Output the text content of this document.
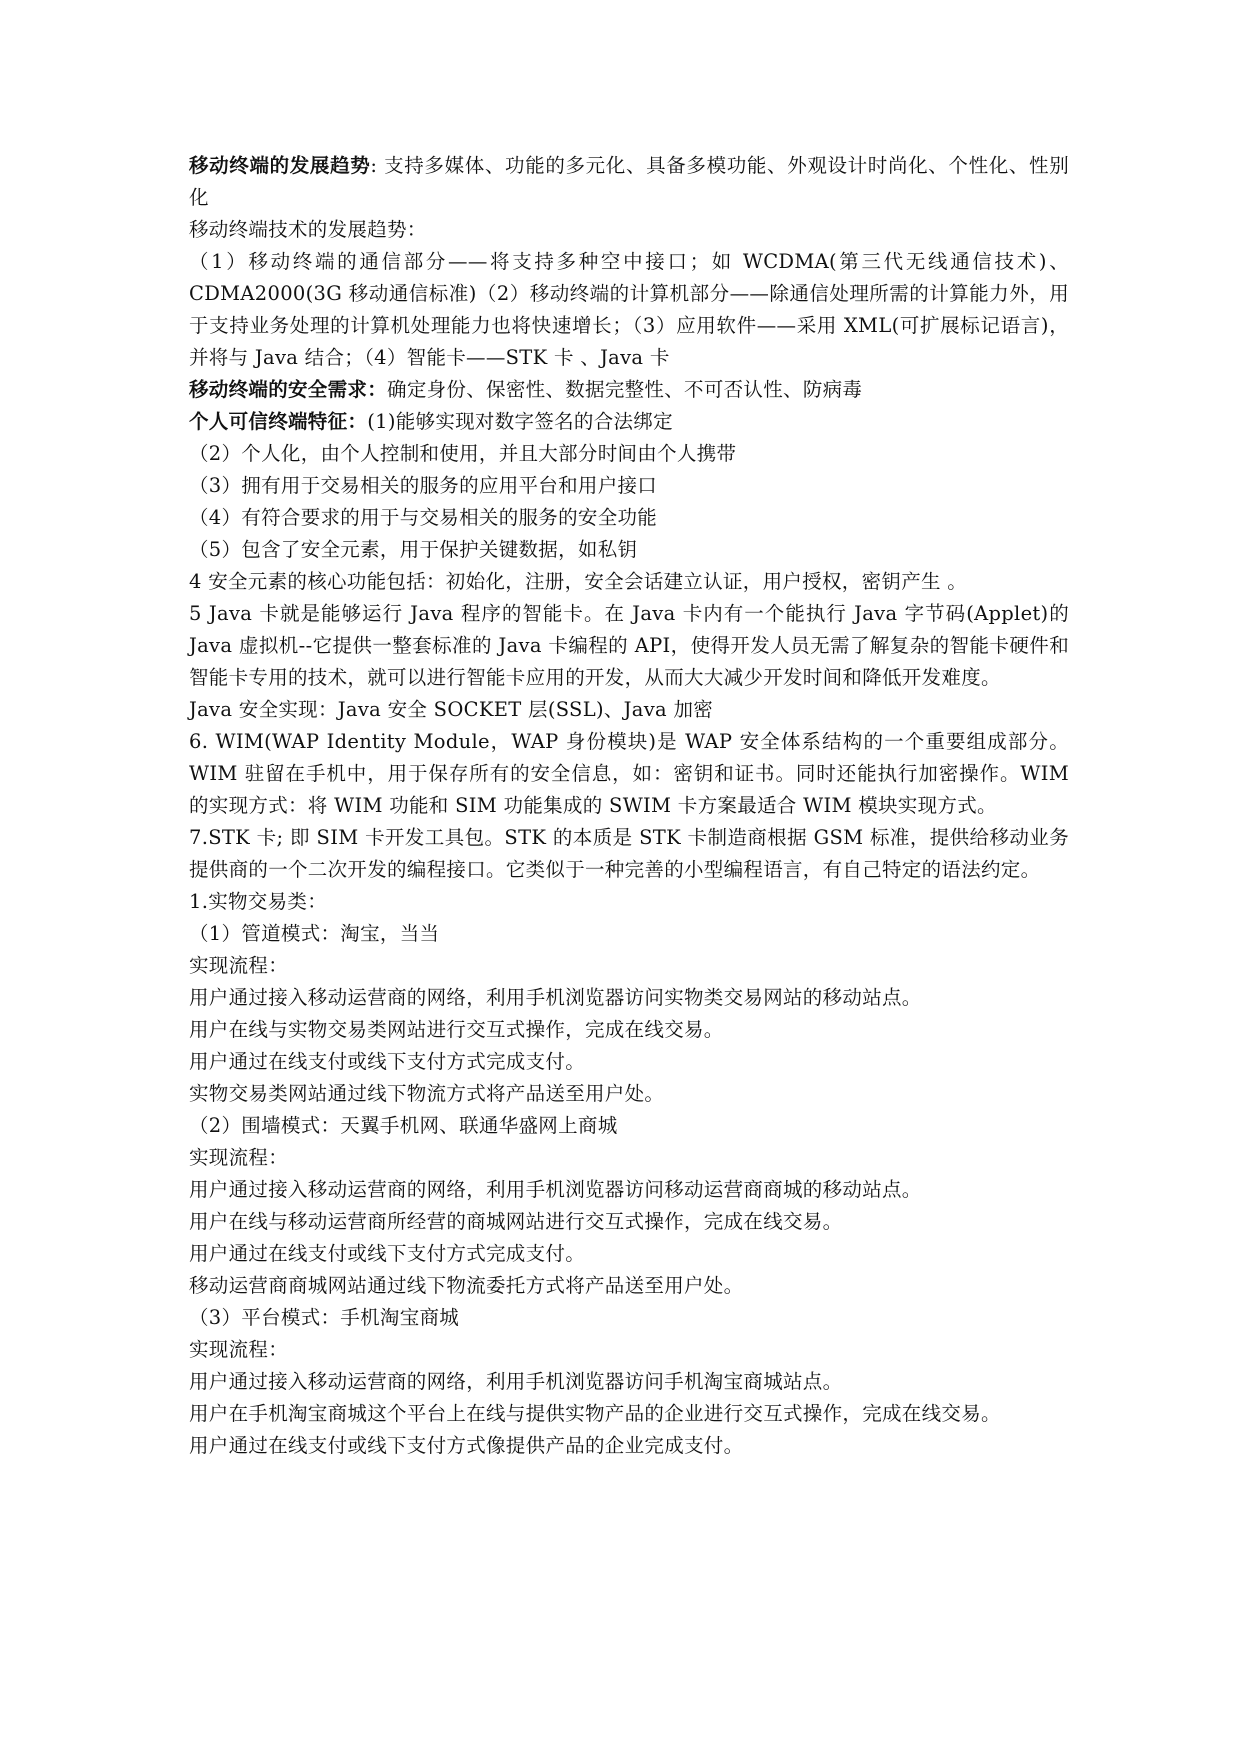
移动终端的发展趋势: 支持多媒体、功能的多元化、具备多模功能、外观设计时尚化、个性化、性别化

移动终端技术的发展趋势：

（1）移动终端的通信部分——将支持多种空中接口；如 WCDMA(第三代无线通信技术)、CDMA2000(3G 移动通信标准)（2）移动终端的计算机部分——除通信处理所需的计算能力外，用于支持业务处理的计算机处理能力也将快速增长；（3）应用软件——采用 XML(可扩展标记语言)，并将与 Java 结合；（4）智能卡——STK 卡 、Java 卡

移动终端的安全需求：确定身份、保密性、数据完整性、不可否认性、防病毒

个人可信终端特征：(1)能够实现对数字签名的合法绑定

（2）个人化，由个人控制和使用，并且大部分时间由个人携带

（3）拥有用于交易相关的服务的应用平台和用户接口

（4）有符合要求的用于与交易相关的服务的安全功能

（5）包含了安全元素，用于保护关键数据，如私钥

4 安全元素的核心功能包括：初始化，注册，安全会话建立认证，用户授权，密钥产生 。

5 Java 卡就是能够运行 Java 程序的智能卡。在 Java 卡内有一个能执行 Java 字节码(Applet)的 Java 虚拟机--它提供一整套标准的 Java 卡编程的 API，使得开发人员无需了解复杂的智能卡硬件和智能卡专用的技术，就可以进行智能卡应用的开发，从而大大减少开发时间和降低开发难度。

Java 安全实现：Java 安全 SOCKET 层(SSL)、Java 加密

6. WIM(WAP Identity Module，WAP 身份模块)是 WAP 安全体系结构的一个重要组成部分。WIM 驻留在手机中，用于保存所有的安全信息，如：密钥和证书。同时还能执行加密操作。WIM 的实现方式：将 WIM 功能和 SIM 功能集成的 SWIM 卡方案最适合 WIM 模块实现方式。

7.STK 卡; 即 SIM 卡开发工具包。STK 的本质是 STK 卡制造商根据 GSM 标准，提供给移动业务提供商的一个二次开发的编程接口。它类似于一种完善的小型编程语言，有自己特定的语法约定。

1.实物交易类：

（1）管道模式：淘宝，当当

实现流程：

用户通过接入移动运营商的网络，利用手机浏览器访问实物类交易网站的移动站点。

用户在线与实物交易类网站进行交互式操作，完成在线交易。

用户通过在线支付或线下支付方式完成支付。

实物交易类网站通过线下物流方式将产品送至用户处。

（2）围墙模式：天翼手机网、联通华盛网上商城

实现流程：

用户通过接入移动运营商的网络，利用手机浏览器访问移动运营商商城的移动站点。

用户在线与移动运营商所经营的商城网站进行交互式操作，完成在线交易。

用户通过在线支付或线下支付方式完成支付。

移动运营商商城网站通过线下物流委托方式将产品送至用户处。

（3）平台模式：手机淘宝商城

实现流程：

用户通过接入移动运营商的网络，利用手机浏览器访问手机淘宝商城站点。

用户在手机淘宝商城这个平台上在线与提供实物产品的企业进行交互式操作，完成在线交易。

用户通过在线支付或线下支付方式像提供产品的企业完成支付。
